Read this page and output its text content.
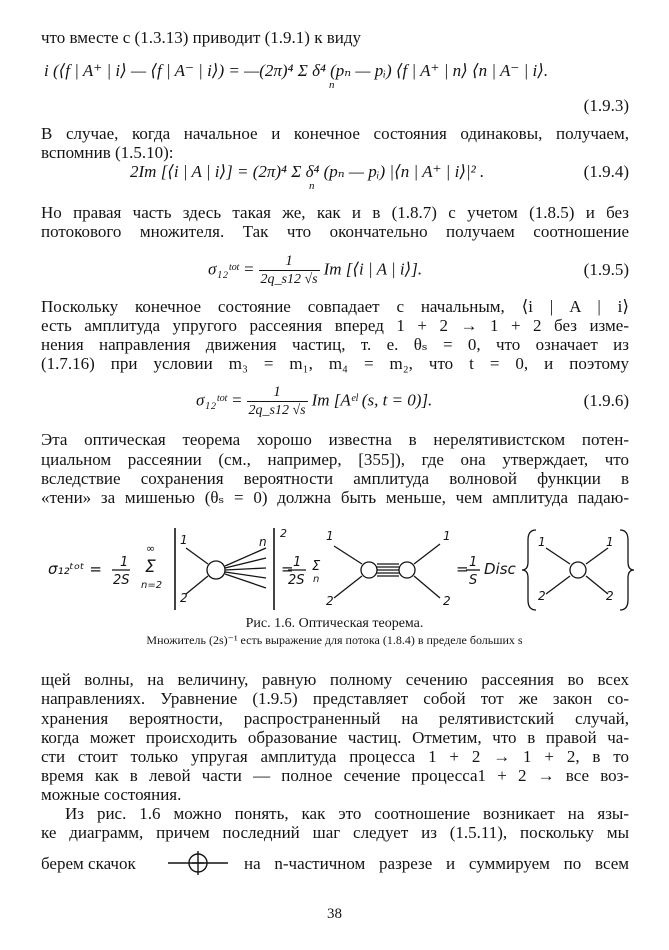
что вместе с (1.3.13) приводит (1.9.1) к виду
i (⟨f | A⁺ | i⟩ — ⟨f | A⁻ | i⟩) = —(2π)⁴ Σ δ⁴ (pₙ — pᵢ) ⟨f | A⁺ | n⟩ ⟨n | A⁻ | i⟩.
n
(1.9.3)
В случае, когда начальное и конечное состояния одинаковы, получаем,
вспомнив (1.5.10):
2Im [⟨i | A | i⟩] = (2π)⁴ Σ δ⁴ (pₙ — pᵢ) |⟨n | A⁺ | i⟩|² .
n
(1.9.4)
Но правая часть здесь такая же, как и в (1.8.7) с учетом (1.8.5) и без
потокового множителя. Так что окончательно получаем соотношение
σ₁₂ᵗᵒᵗ = $\frac{1}{2q\_s12 √s}$ Im [⟨i | A | i⟩].	(1.9.5)
Поскольку конечное состояние совпадает с начальным, ⟨i | A | i⟩
есть амплитуда упругого рассеяния вперед 1 + 2 → 1 + 2 без изме-
нения направления движения частиц, т. е. θₛ = 0, что означает из
(1.7.16) при условии m₃ = m₁, m₄ = m₂, что t = 0, и поэтому
σ₁₂ᵗᵒᵗ = $\frac{1}{2q\_s12 √s}$ Im [Aᵉˡ (s, t = 0)].	(1.9.6)
Эта оптическая теорема хорошо известна в нерелятивистском потен-
циальном рассеянии (см., например, [355]), где она утверждает, что
вследствие сохранения вероятности амплитуда волновой функции в
«тени» за мишенью (θₛ = 0) должна быть меньше, чем амплитуда падаю-
σ₁₂ᵗᵒᵗ = 1
2S
∞
Σ
n=2
1
2
n
2
= 1
2S
Σ
n
1
2
1
2
= 1
S
Disc
1
2
1
2
Рис. 1.6. Оптическая теорема.
Множитель (2s)⁻¹ есть выражение для потока (1.8.4) в пределе больших s
щей волны, на величину, равную полному сечению рассеяния во всех
направлениях. Уравнение (1.9.5) представляет собой тот же закон со-
хранения вероятности, распространенный на релятивистский случай,
когда может происходить образование частиц. Отметим, что в правой ча-
сти стоит только упругая амплитуда процесса 1 + 2 → 1 + 2, в то
время как в левой части — полное сечение процесса1 + 2 → все воз-
можные состояния.
Из рис. 1.6 можно понять, как это соотношение возникает на язы-
ке диаграмм, причем последний шаг следует из (1.5.11), поскольку мы
берем скачок	на n-частичном разрезе и суммируем по всем
38
